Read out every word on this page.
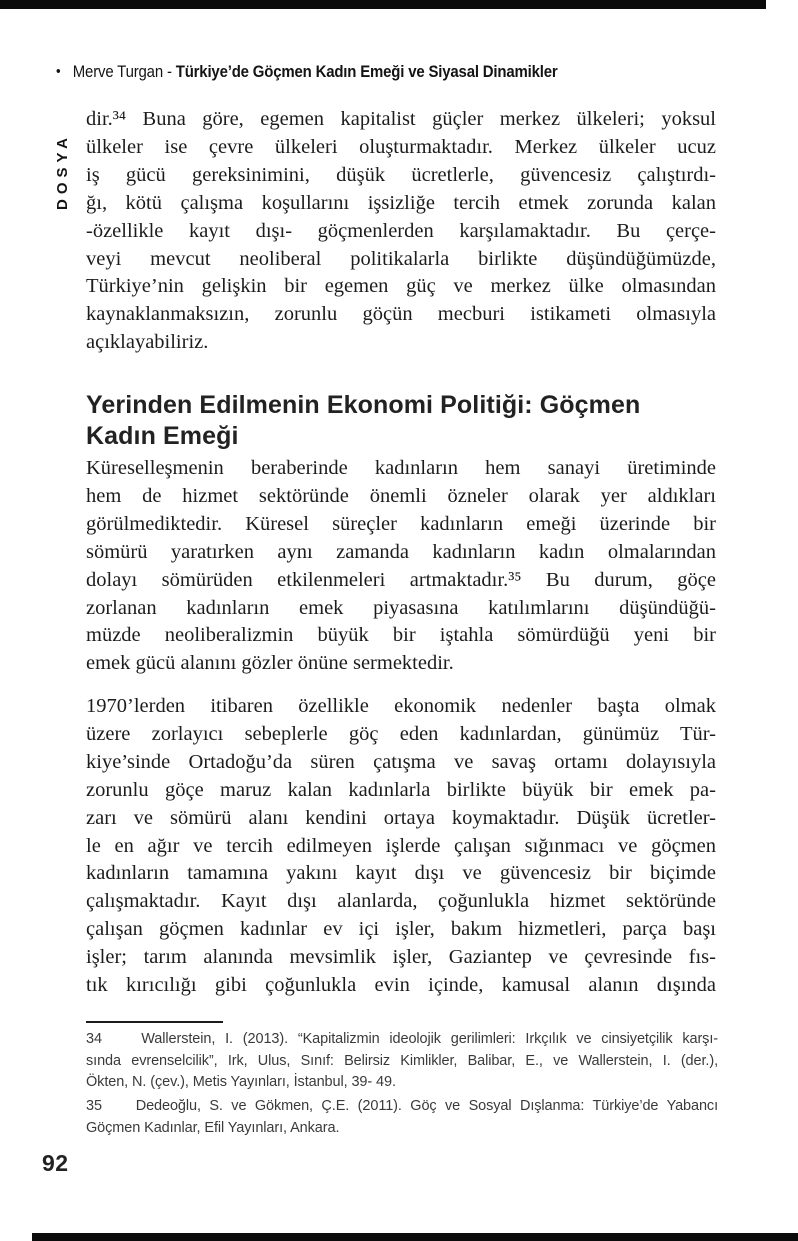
• Merve Turgan - Türkiye’de Göçmen Kadın Emeği ve Siyasal Dinamikler
DOSYA
dir.³⁴ Buna göre, egemen kapitalist güçler merkez ülkeleri; yoksul
ülkeler ise çevre ülkeleri oluşturmaktadır. Merkez ülkeler ucuz
iş gücü gereksinimini, düşük ücretlerle, güvencesiz çalıştırdı-
ğı, kötü çalışma koşullarını işsizliğe tercih etmek zorunda kalan
-özellikle kayıt dışı- göçmenlerden karşılamaktadır. Bu çerçe-
veyi mevcut neoliberal politikalarla birlikte düşündüğümüzde,
Türkiye’nin gelişkin bir egemen güç ve merkez ülke olmasından
kaynaklanmaksızın, zorunlu göçün mecburi istikameti olmasıyla
açıklayabiliriz.
Yerinden Edilmenin Ekonomi Politiği: Göçmen
Kadın Emeği
Küreselleşmenin beraberinde kadınların hem sanayi üretiminde
hem de hizmet sektöründe önemli özneler olarak yer aldıkları
görülmediktedir. Küresel süreçler kadınların emeği üzerinde bir
sömürü yaratırken aynı zamanda kadınların kadın olmalarından
dolayı sömürüden etkilenmeleri artmaktadır.³⁵ Bu durum, göçe
zorlanan kadınların emek piyasasına katılımlarını düşündüğü-
müzde neoliberalizmin büyük bir iştahla sömürdüğü yeni bir
emek gücü alanını gözler önüne sermektedir.
1970’lerden itibaren özellikle ekonomik nedenler başta olmak
üzere zorlayıcı sebeplerle göç eden kadınlardan, günümüz Tür-
kiye’sinde Ortadoğu’da süren çatışma ve savaş ortamı dolayısıyla
zorunlu göçe maruz kalan kadınlarla birlikte büyük bir emek pa-
zarı ve sömürü alanı kendini ortaya koymaktadır. Düşük ücretler-
le en ağır ve tercih edilmeyen işlerde çalışan sığınmacı ve göçmen
kadınların tamamına yakını kayıt dışı ve güvencesiz bir biçimde
çalışmaktadır. Kayıt dışı alanlarda, çoğunlukla hizmet sektöründe
çalışan göçmen kadınlar ev içi işler, bakım hizmetleri, parça başı
işler; tarım alanında mevsimlik işler, Gaziantep ve çevresinde fıs-
tık kırıcılığı gibi çoğunlukla evin içinde, kamusal alanın dışında
34    Wallerstein, I. (2013). “Kapitalizmin ideolojik gerilimleri: Irkçılık ve cinsiyetçilik karşı-
sında evrenselcilik”, Irk, Ulus, Sınıf: Belirsiz Kimlikler, Balibar, E., ve Wallerstein, I. (der.),
Ökten, N. (çev.), Metis Yayınları, İstanbul, 39- 49.
35    Dedeoğlu, S. ve Gökmen, Ç.E. (2011). Göç ve Sosyal Dışlanma: Türkiye’de Yabancı
Göçmen Kadınlar, Efil Yayınları, Ankara.
92
